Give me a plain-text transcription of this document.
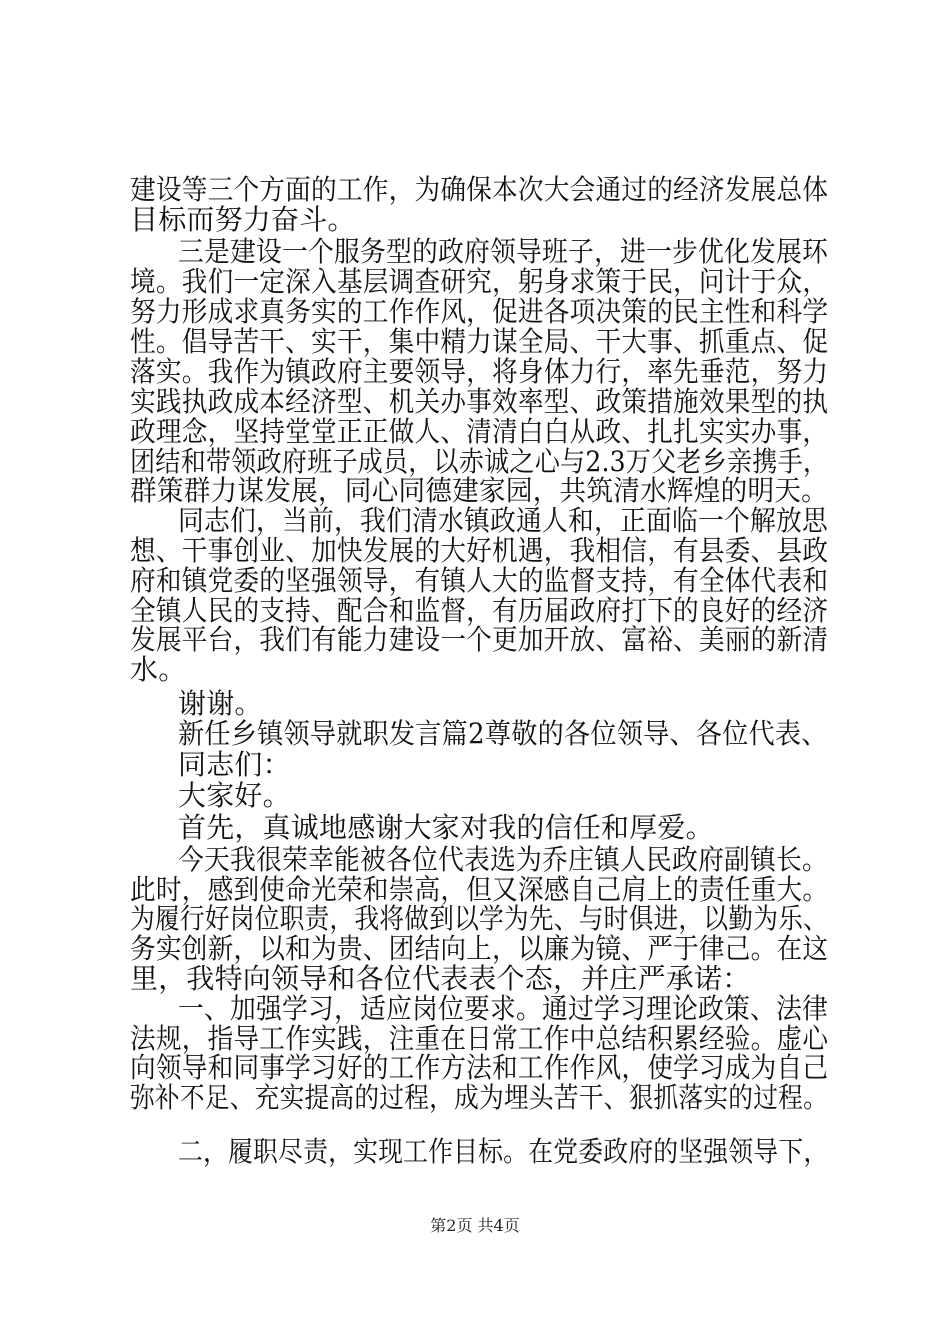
建设等三个方面的工作，为确保本次大会通过的经济发展总体
目标而努力奋斗。
三是建设一个服务型的政府领导班子，进一步优化发展环
境。我们一定深入基层调查研究，躬身求策于民，问计于众，
努力形成求真务实的工作作风，促进各项决策的民主性和科学
性。倡导苦干、实干，集中精力谋全局、干大事、抓重点、促
落实。我作为镇政府主要领导，将身体力行，率先垂范，努力
实践执政成本经济型、机关办事效率型、政策措施效果型的执
政理念，坚持堂堂正正做人、清清白白从政、扎扎实实办事，
团结和带领政府班子成员，以赤诚之心与2.3万父老乡亲携手，
群策群力谋发展，同心同德建家园，共筑清水辉煌的明天。
同志们，当前，我们清水镇政通人和，正面临一个解放思
想、干事创业、加快发展的大好机遇，我相信，有县委、县政
府和镇党委的坚强领导，有镇人大的监督支持，有全体代表和
全镇人民的支持、配合和监督，有历届政府打下的良好的经济
发展平台，我们有能力建设一个更加开放、富裕、美丽的新清
水。
谢谢。
新任乡镇领导就职发言篇2尊敬的各位领导、各位代表、
同志们：
大家好。
首先，真诚地感谢大家对我的信任和厚爱。
今天我很荣幸能被各位代表选为乔庄镇人民政府副镇长。
此时，感到使命光荣和崇高，但又深感自己肩上的责任重大。
为履行好岗位职责，我将做到以学为先、与时俱进，以勤为乐、
务实创新，以和为贵、团结向上，以廉为镜、严于律己。在这
里，我特向领导和各位代表表个态，并庄严承诺：
一、加强学习，适应岗位要求。通过学习理论政策、法律
法规，指导工作实践，注重在日常工作中总结积累经验。虚心
向领导和同事学习好的工作方法和工作作风，使学习成为自己
弥补不足、充实提高的过程，成为埋头苦干、狠抓落实的过程。
二，履职尽责，实现工作目标。在党委政府的坚强领导下，
第2页 共4页
